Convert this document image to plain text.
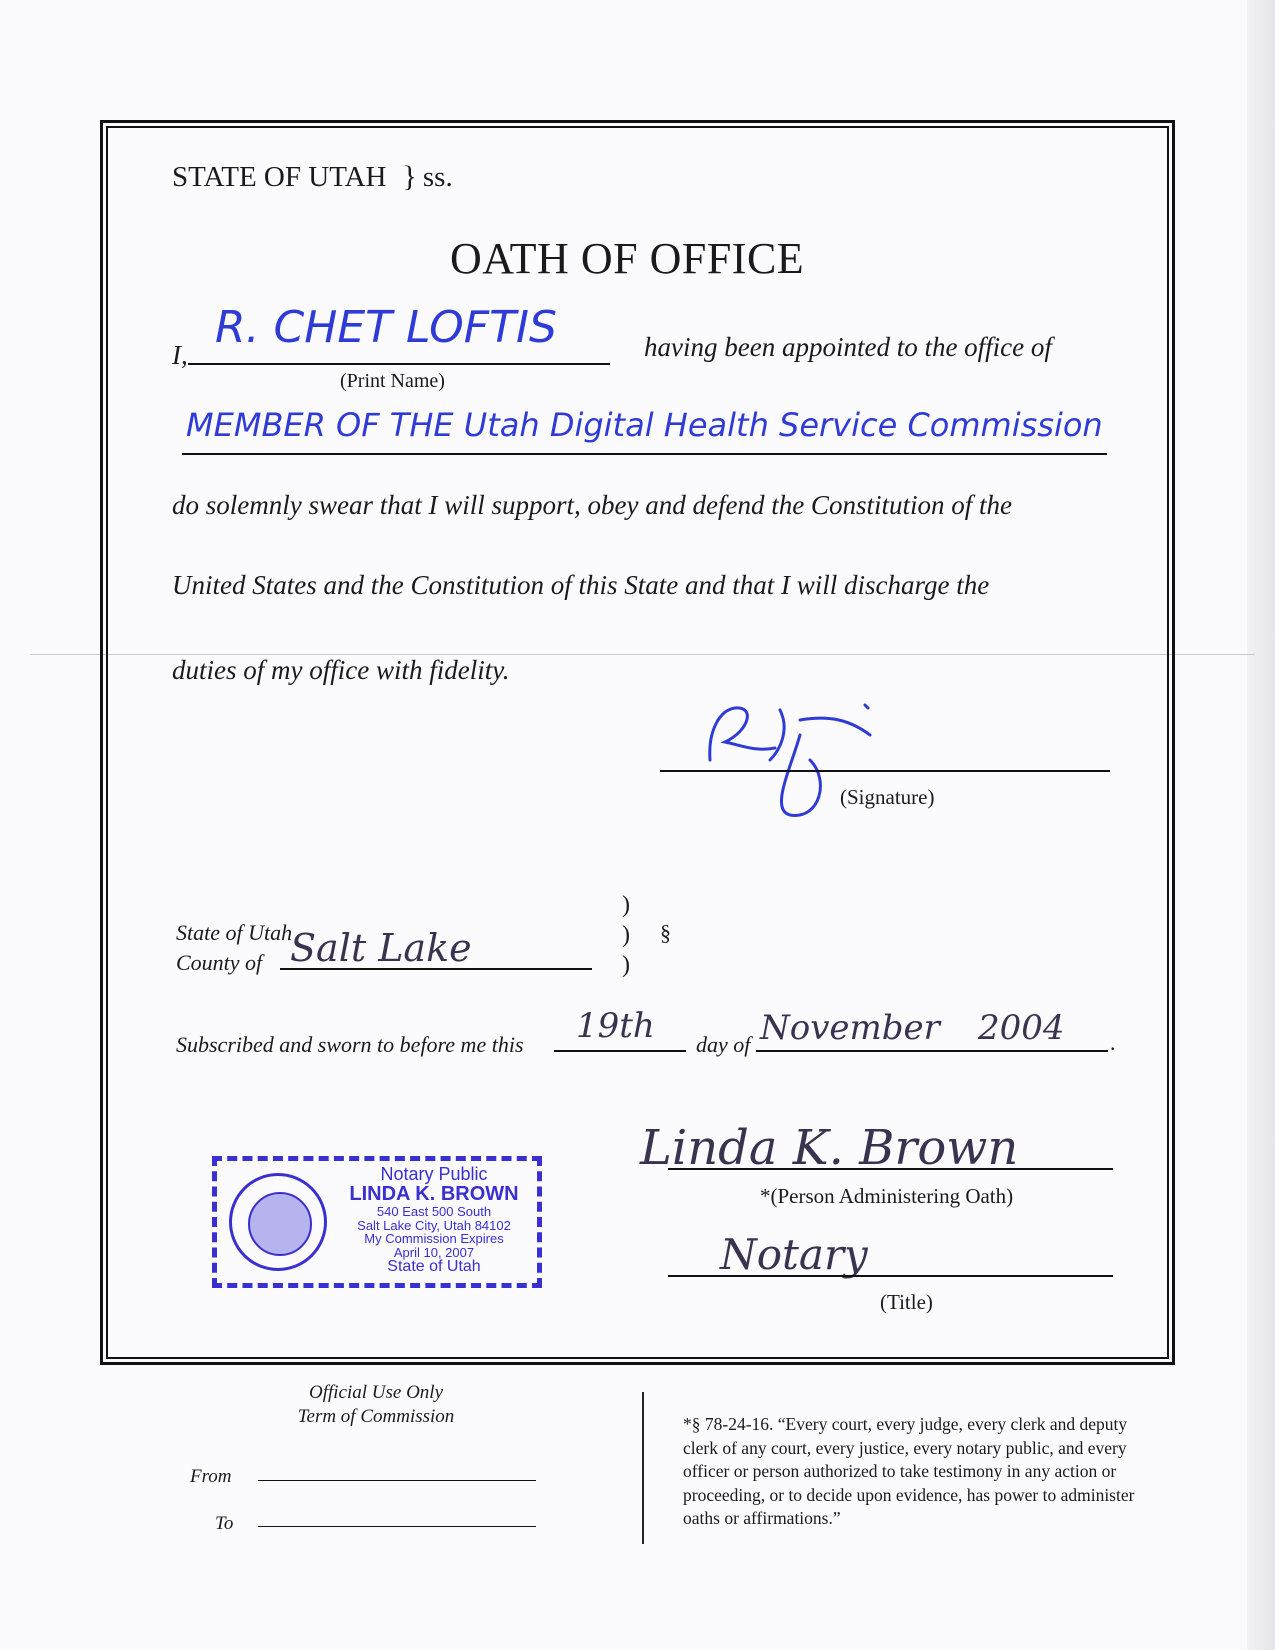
STATE OF UTAH } ss.
OATH OF OFFICE
I,
R. CHET LOFTIS
(Print Name)
having been appointed to the office of
MEMBER OF THE Utah Digital Health Service Commission
do solemnly swear that I will support, obey and defend the Constitution of the
United States and the Constitution of this State and that I will discharge the
duties of my office with fidelity.
(Signature)
State of Utah
County of Salt Lake
)
)
)
§
Subscribed and sworn to before me this 19th day of November 2004 .
Linda K. Brown
*(Person Administering Oath)
Notary
(Title)
Notary Public
LINDA K. BROWN
540 East 500 South
Salt Lake City, Utah 84102
My Commission Expires
April 10, 2007
State of Utah
Official Use Only
Term of Commission
From
To
*§ 78-24-16. “Every court, every judge, every clerk and deputy clerk of any court, every justice, every notary public, and every officer or person authorized to take testimony in any action or proceeding, or to decide upon evidence, has power to administer oaths or affirmations.”
